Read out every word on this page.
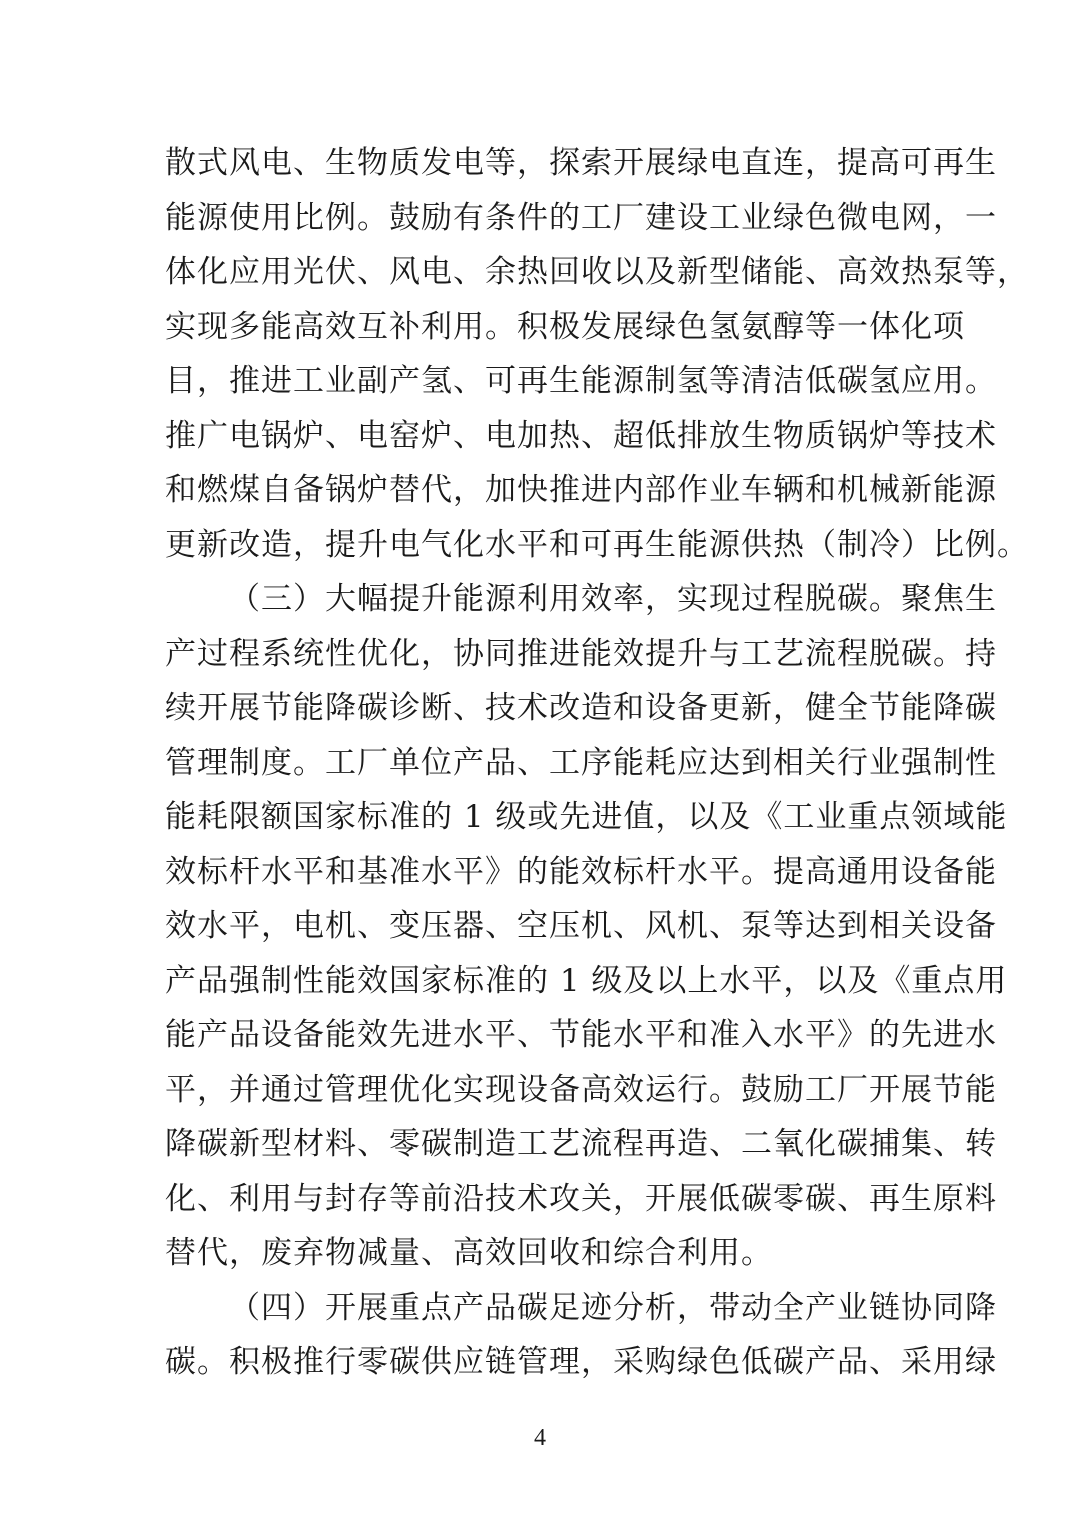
散式风电、生物质发电等，探索开展绿电直连，提高可再生
能源使用比例。鼓励有条件的工厂建设工业绿色微电网，一
体化应用光伏、风电、余热回收以及新型储能、高效热泵等，
实现多能高效互补利用。积极发展绿色氢氨醇等一体化项
目，推进工业副产氢、可再生能源制氢等清洁低碳氢应用。
推广电锅炉、电窑炉、电加热、超低排放生物质锅炉等技术
和燃煤自备锅炉替代，加快推进内部作业车辆和机械新能源
更新改造，提升电气化水平和可再生能源供热（制冷）比例。
（三）大幅提升能源利用效率，实现过程脱碳。聚焦生
产过程系统性优化，协同推进能效提升与工艺流程脱碳。持
续开展节能降碳诊断、技术改造和设备更新，健全节能降碳
管理制度。工厂单位产品、工序能耗应达到相关行业强制性
能耗限额国家标准的 1 级或先进值，以及《工业重点领域能
效标杆水平和基准水平》的能效标杆水平。提高通用设备能
效水平，电机、变压器、空压机、风机、泵等达到相关设备
产品强制性能效国家标准的 1 级及以上水平，以及《重点用
能产品设备能效先进水平、节能水平和准入水平》的先进水
平，并通过管理优化实现设备高效运行。鼓励工厂开展节能
降碳新型材料、零碳制造工艺流程再造、二氧化碳捕集、转
化、利用与封存等前沿技术攻关，开展低碳零碳、再生原料
替代，废弃物减量、高效回收和综合利用。
（四）开展重点产品碳足迹分析，带动全产业链协同降
碳。积极推行零碳供应链管理，采购绿色低碳产品、采用绿
4
